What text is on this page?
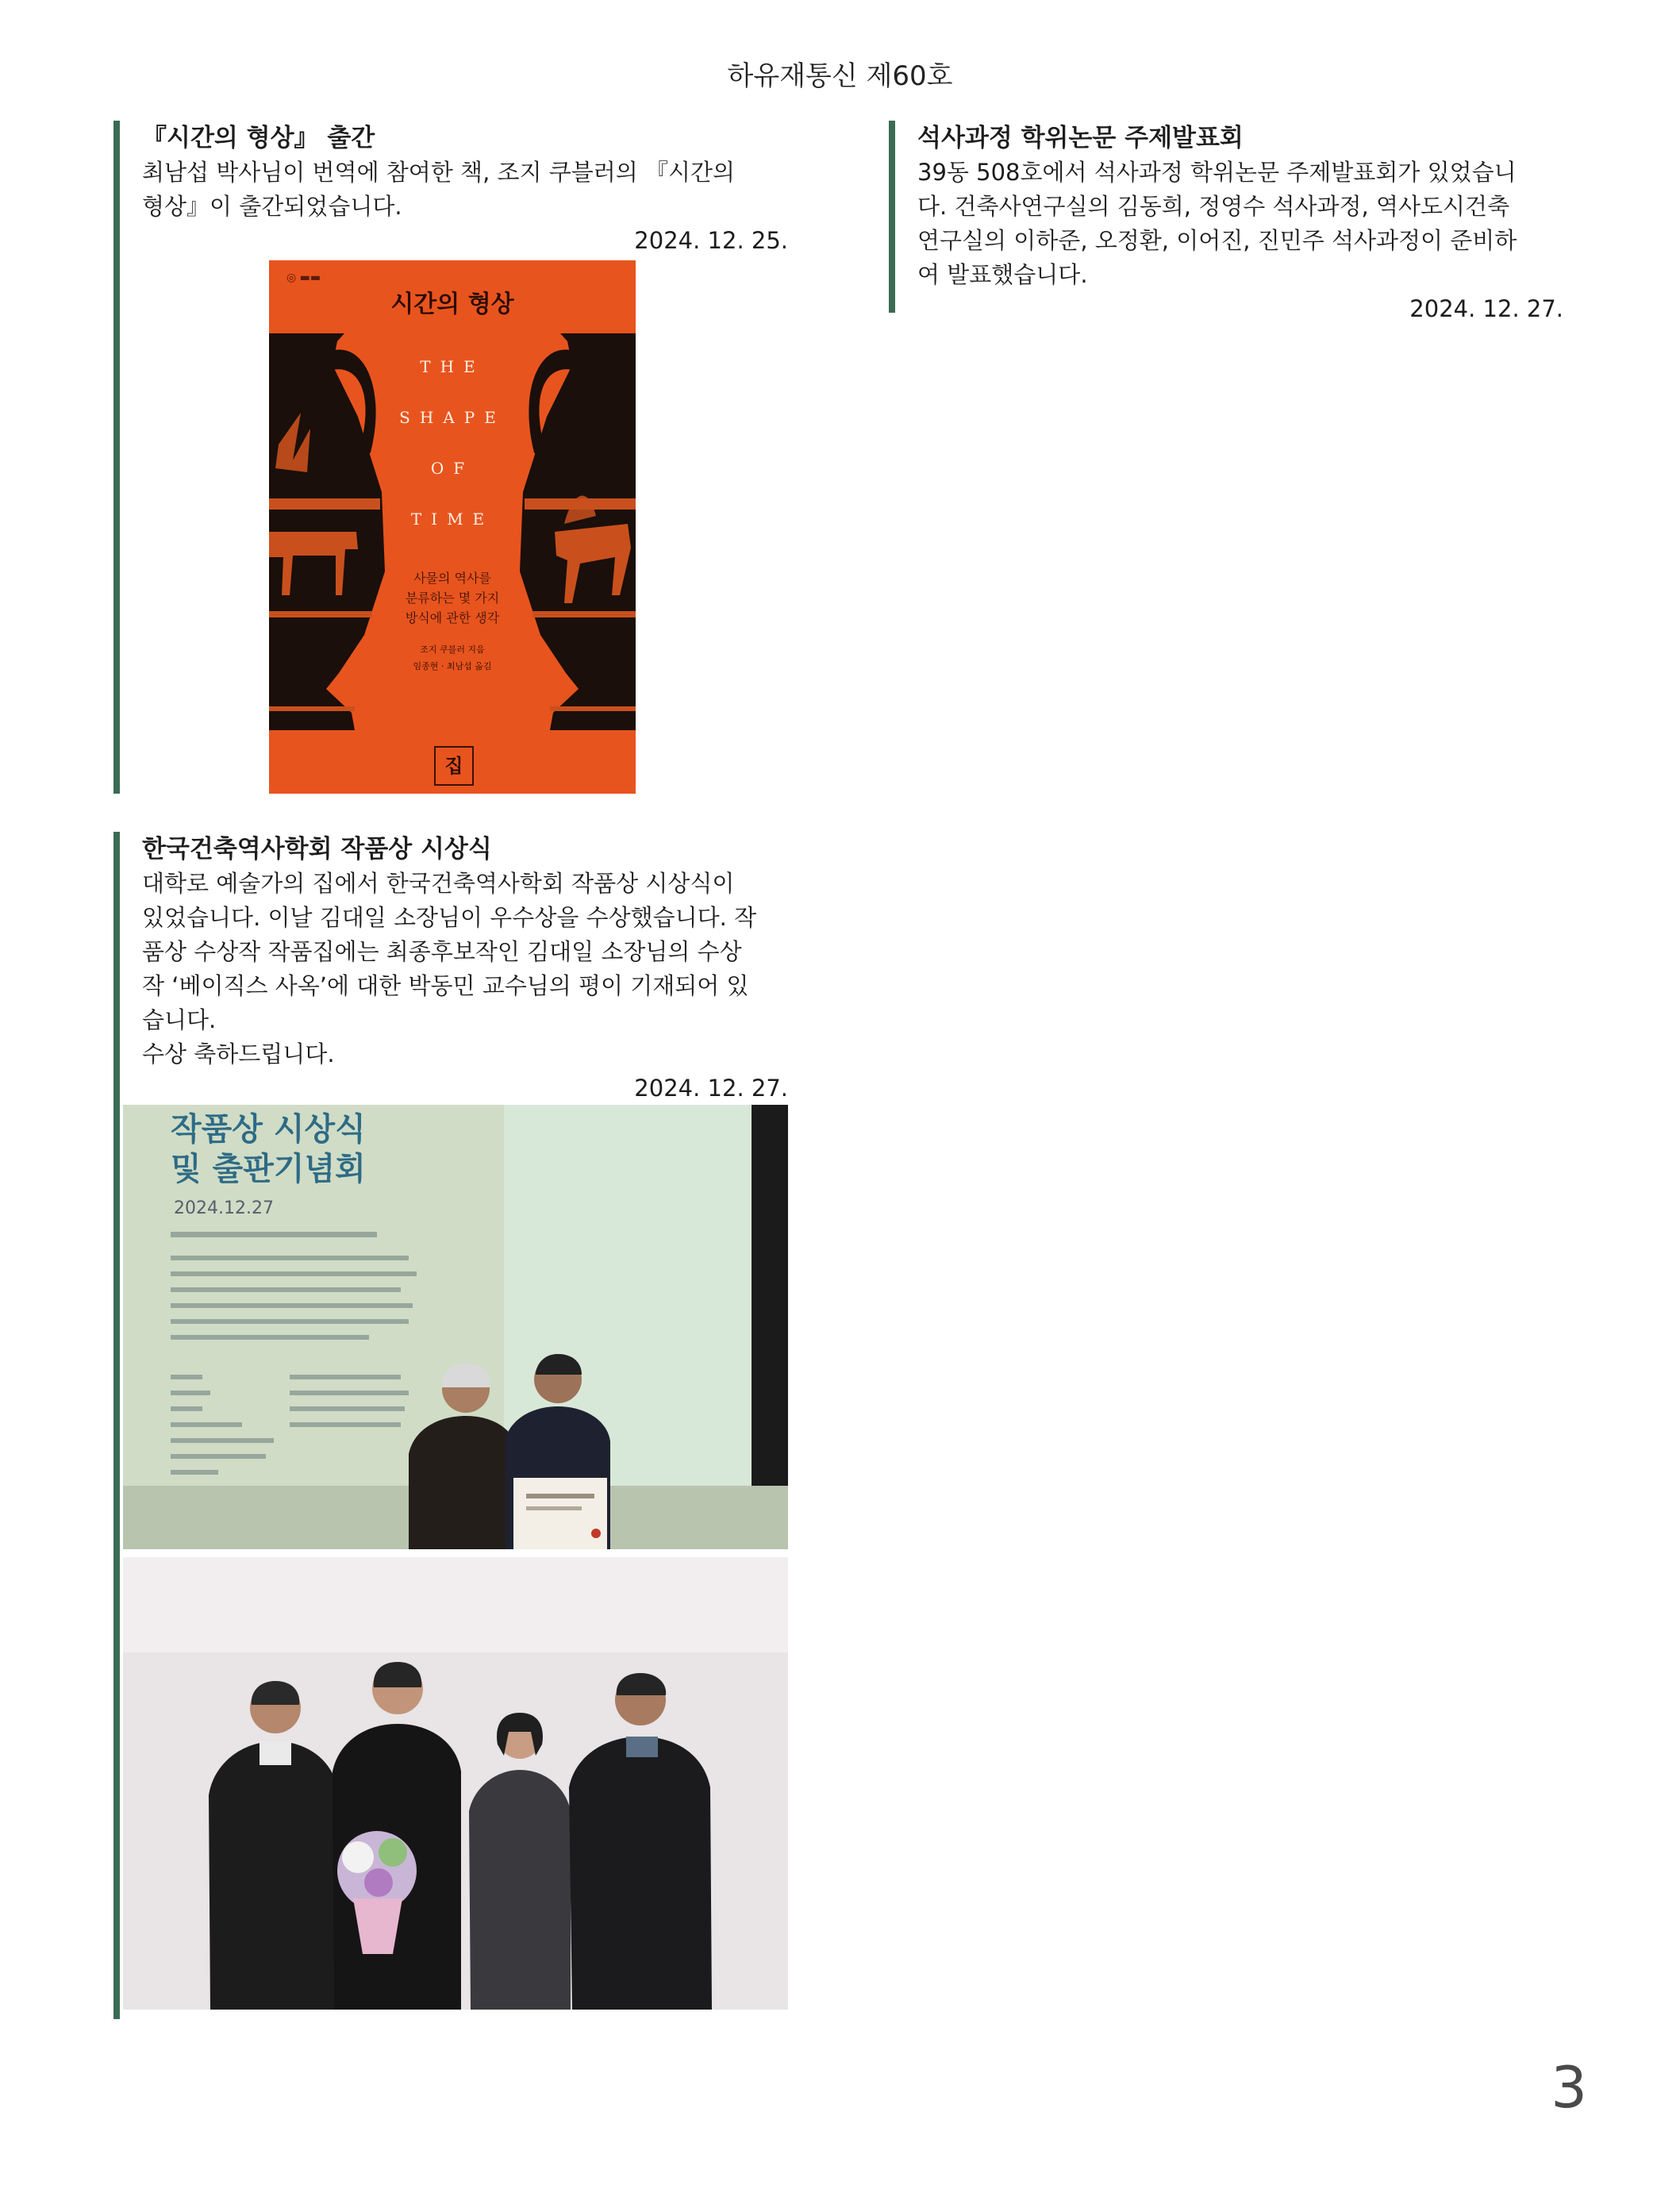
하유재통신 제60호

『시간의 형상』 출간

최남섭 박사님이 번역에 참여한 책, 조지 쿠블러의 『시간의
형상』이 출간되었습니다.

2024. 12. 25.

◎ ▬▬
시간의 형상
THE
SHAPE
OF
TIME
사물의 역사를
분류하는 몇 가지
방식에 관한 생각
조지 쿠블러 지음
임종현 · 최남섭 옮김
집

석사과정 학위논문 주제발표회

39동 508호에서 석사과정 학위논문 주제발표회가 있었습니
다. 건축사연구실의 김동희, 정영수 석사과정, 역사도시건축
연구실의 이하준, 오정환, 이어진, 진민주 석사과정이 준비하
여 발표했습니다.

2024. 12. 27.

한국건축역사학회 작품상 시상식

대학로 예술가의 집에서 한국건축역사학회 작품상 시상식이
있었습니다. 이날 김대일 소장님이 우수상을 수상했습니다. 작
품상 수상작 작품집에는 최종후보작인 김대일 소장님의 수상
작 ‘베이직스 사옥’에 대한 박동민 교수님의 평이 기재되어 있
습니다.
수상 축하드립니다.

2024. 12. 27.

작품상 시상식
및 출판기념회
2024.12.27
3
